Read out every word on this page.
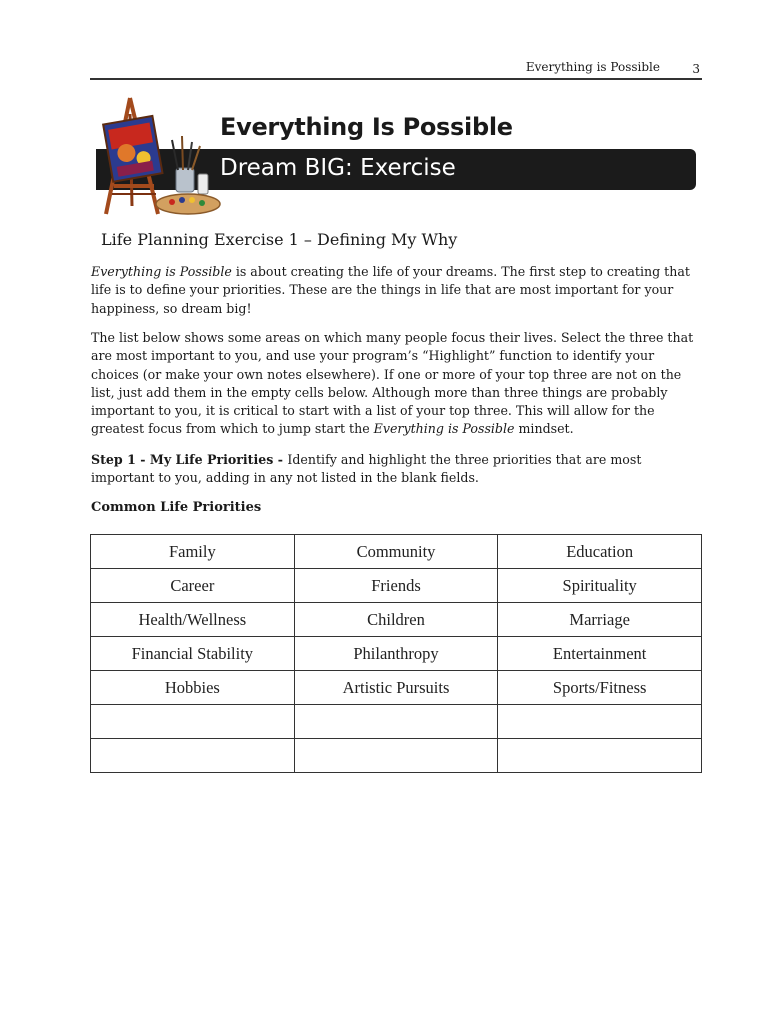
Everything is Possible	3
Dream BIG: Exercise
Everything Is Possible
Life Planning Exercise 1 – Defining My Why

Everything is Possible is about creating the life of your dreams. The first step to creating that life is to define your priorities. These are the things in life that are most important for your happiness, so dream big!

The list below shows some areas on which many people focus their lives. Select the three that are most important to you, and use your program’s “Highlight” function to identify your choices (or make your own notes elsewhere). If one or more of your top three are not on the list, just add them in the empty cells below. Although more than three things are probably important to you, it is critical to start with a list of your top three. This will allow for the greatest focus from which to jump start the Everything is Possible mindset.

Step 1 - My Life Priorities - Identify and highlight the three priorities that are most important to you, adding in any not listed in the blank fields.

Common Life Priorities
Family	Community	Education
Career	Friends	Spirituality
Health/Wellness	Children	Marriage
Financial Stability	Philanthropy	Entertainment
Hobbies	Artistic Pursuits	Sports/Fitness
